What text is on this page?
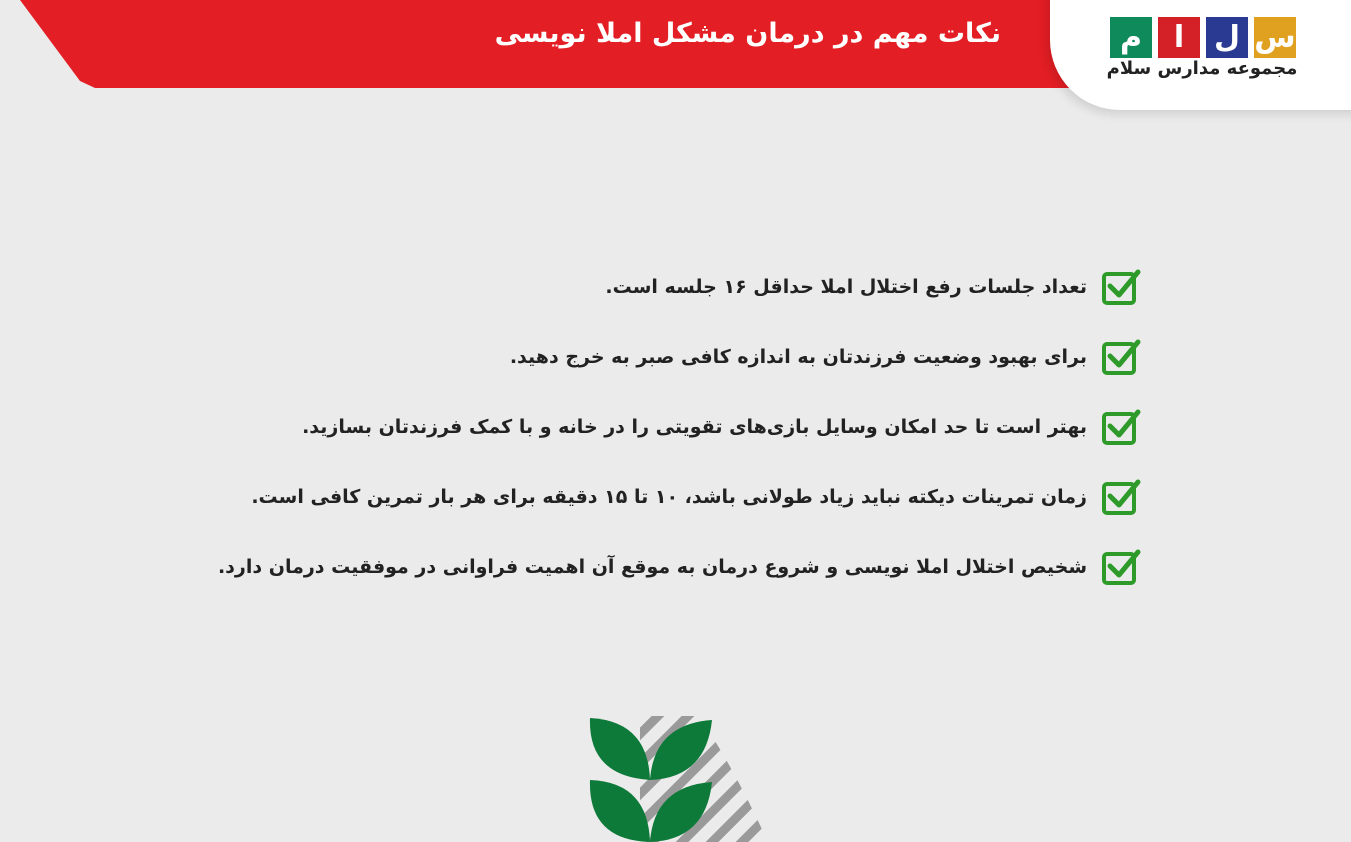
نکات مهم در درمان مشکل املا نویسی	م	ا ل س
مجموعه مدارس سلام
تعداد جلسات رفع اختلال املا حداقل ۱۶ جلسه است.
برای بهبود وضعیت فرزندتان به اندازه کافی صبر به خرج دهید.
بهتر است تا حد امکان وسایل بازی‌های تقویتی را در خانه و با کمک فرزندتان بسازید.
زمان تمرینات دیکته نباید زیاد طولانی باشد، ۱۰ تا ۱۵ دقیقه برای هر بار تمرین کافی است.
شخیص اختلال املا نویسی و شروع درمان به موقع آن اهمیت فراوانی در موفقیت درمان دارد.
